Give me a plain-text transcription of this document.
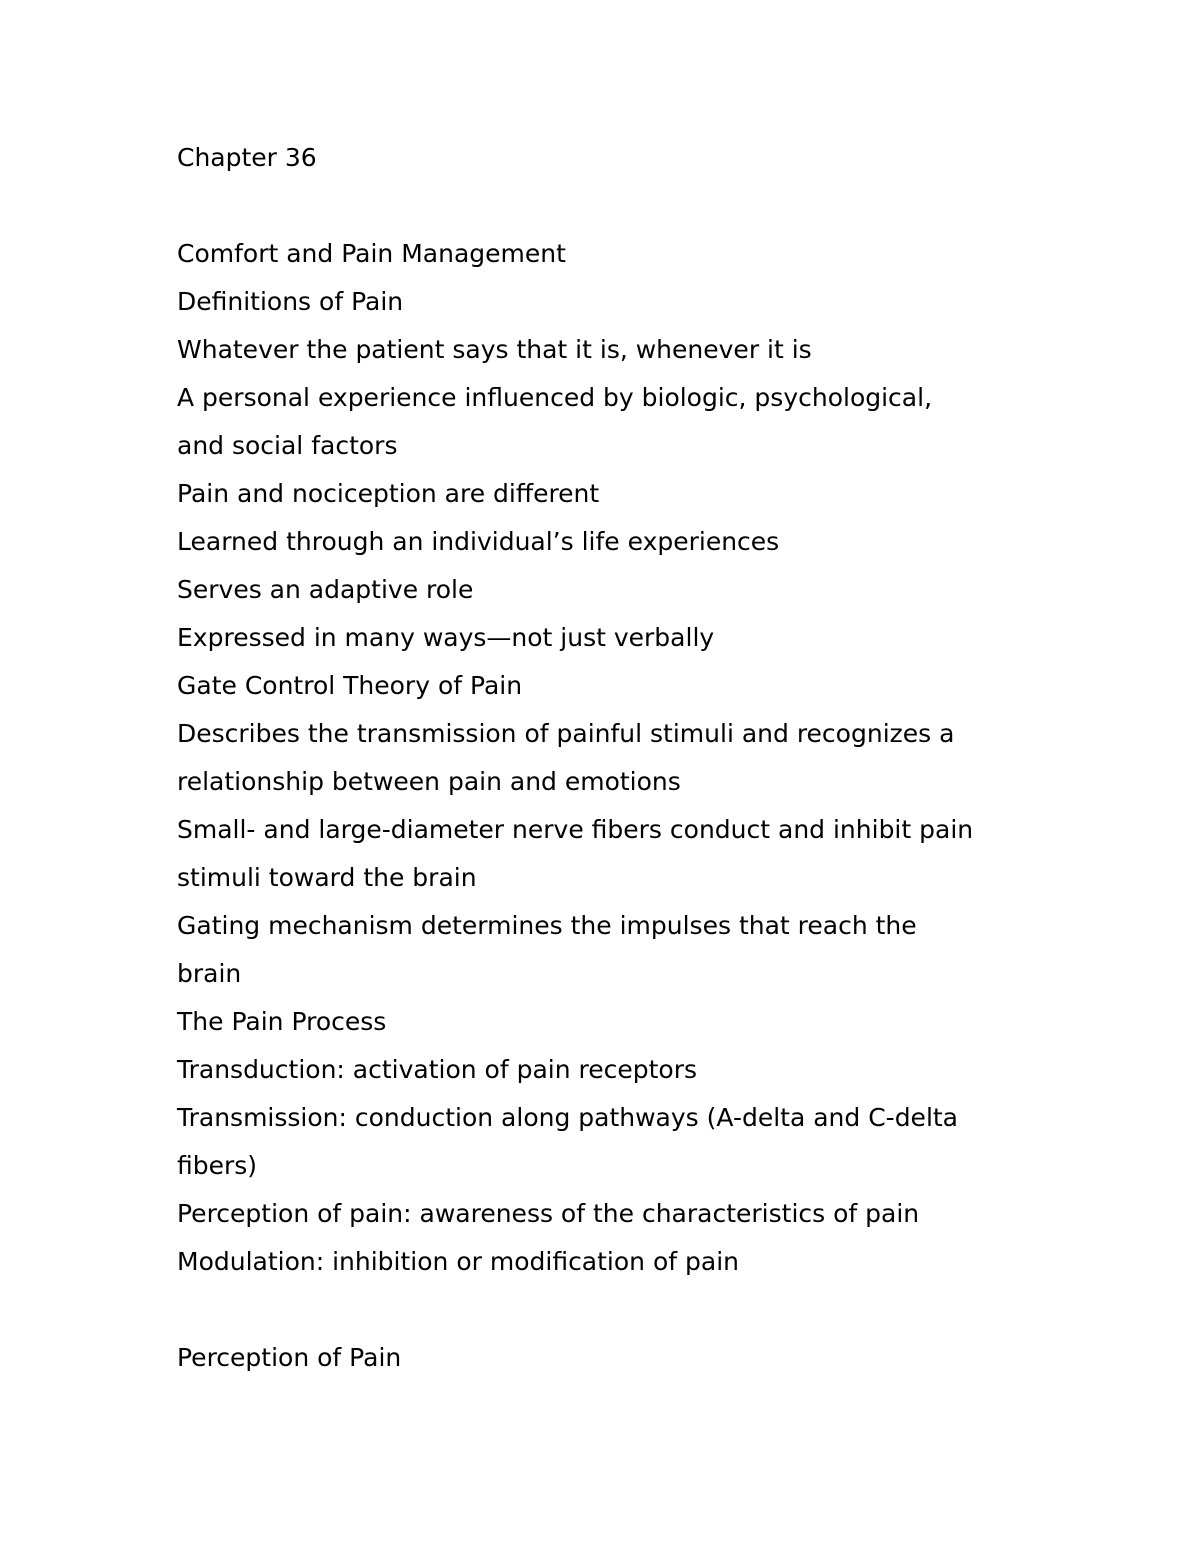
Chapter 36
Comfort and Pain Management
Definitions of Pain
Whatever the patient says that it is, whenever it is
A personal experience influenced by biologic, psychological,
and social factors
Pain and nociception are different
Learned through an individual’s life experiences
Serves an adaptive role
Expressed in many ways—not just verbally
Gate Control Theory of Pain
Describes the transmission of painful stimuli and recognizes a
relationship between pain and emotions
Small- and large-diameter nerve fibers conduct and inhibit pain
stimuli toward the brain
Gating mechanism determines the impulses that reach the
brain
The Pain Process
Transduction: activation of pain receptors
Transmission: conduction along pathways (A-delta and C-delta
fibers)
Perception of pain: awareness of the characteristics of pain
Modulation: inhibition or modification of pain
Perception of Pain
